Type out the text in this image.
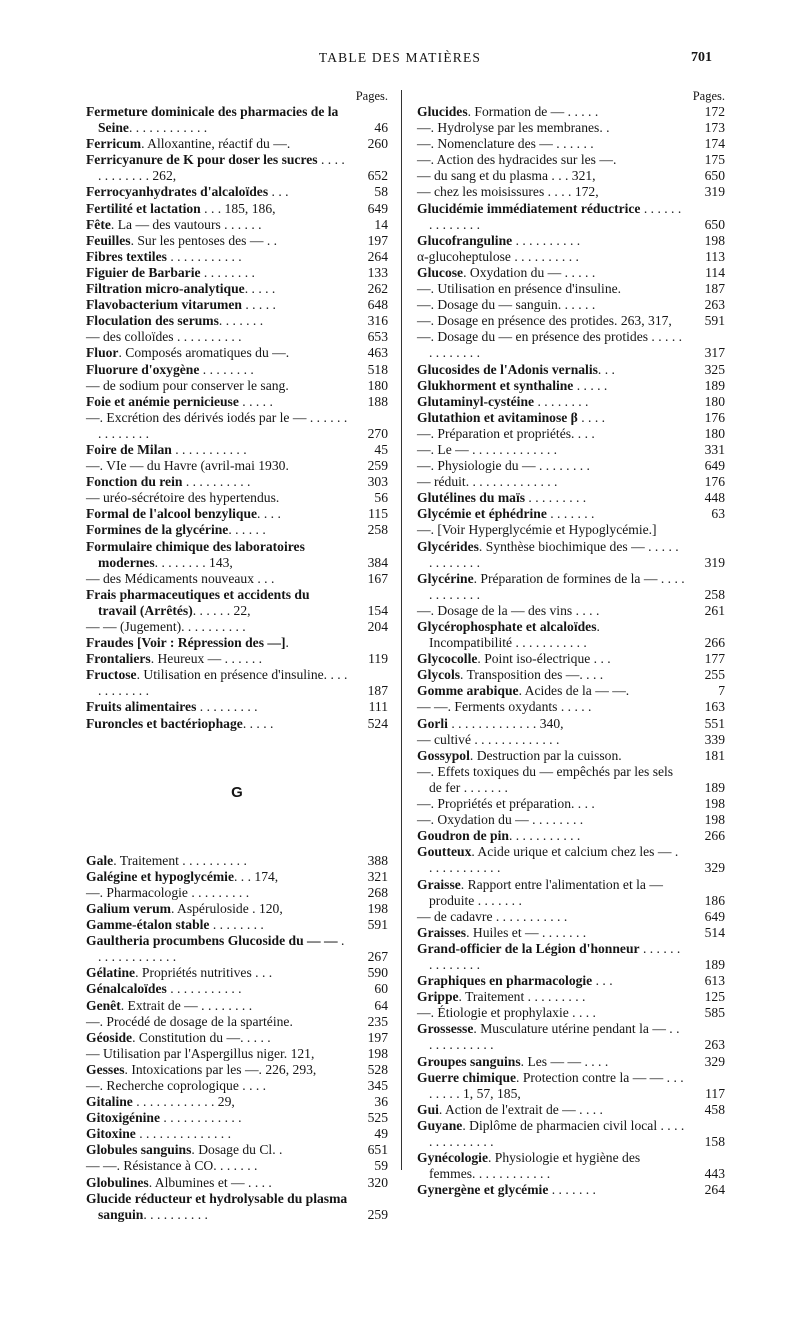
TABLE DES MATIÈRES	701
Pages.
Fermeture dominicale des pharmacies de la Seine. . . . . . . . . . . .	46
Ferricum. Alloxantine, réactif du —.	260
Ferricyanure de K pour doser les sucres . . . . . . . . . . . . 262,	652
Ferrocyanhydrates d'alcaloïdes . . .	58
Fertilité et lactation . . . 185, 186,	649
Fête. La — des vautours . . . . . .	14
Feuilles. Sur les pentoses des — . .	197
Fibres textiles . . . . . . . . . . .	264
Figuier de Barbarie . . . . . . . .	133
Filtration micro-analytique. . . . .	262
Flavobacterium vitarumen . . . . .	648
Floculation des serums. . . . . . .	316
— des colloïdes . . . . . . . . . .	653
Fluor. Composés aromatiques du —.	463
Fluorure d'oxygène . . . . . . . .	518
— de sodium pour conserver le sang.	180
Foie et anémie pernicieuse . . . . .	188
—. Excrétion des dérivés iodés par le — . . . . . . . . . . . . . .	270
Foire de Milan . . . . . . . . . . .	45
—. VIe — du Havre (avril-mai 1930.	259
Fonction du rein . . . . . . . . . .	303
— uréo-sécrétoire des hypertendus.	56
Formal de l'alcool benzylique. . . .	115
Formines de la glycérine. . . . . .	258
Formulaire chimique des laboratoires modernes. . . . . . . . 143,	384
— des Médicaments nouveaux . . .	167
Frais pharmaceutiques et accidents du travail (Arrêtés). . . . . . 22,	154
— — (Jugement). . . . . . . . . .	204
Fraudes [Voir : Répression des —].
Frontaliers. Heureux — . . . . . .	119
Fructose. Utilisation en présence d'insuline. . . . . . . . . . . .	187
Fruits alimentaires . . . . . . . . .	111
Furoncles et bactériophage. . . . .	524
G
Gale. Traitement . . . . . . . . . .	388
Galégine et hypoglycémie. . . 174,	321
—. Pharmacologie . . . . . . . . .	268
Galium verum. Aspéruloside . 120,	198
Gamme-étalon stable . . . . . . . .	591
Gaultheria procumbens Glucoside du — — . . . . . . . . . . . . .	267
Gélatine. Propriétés nutritives . . .	590
Génalcaloïdes . . . . . . . . . . .	60
Genêt. Extrait de — . . . . . . . .	64
—. Procédé de dosage de la spartéine.	235
Géoside. Constitution du —. . . . .	197
— Utilisation par l'Aspergillus niger. 121,	198
Gesses. Intoxications par les —. 226, 293,	528
—. Recherche coprologique . . . .	345
Gitaline . . . . . . . . . . . . 29,	36
Gitoxigénine . . . . . . . . . . . .	525
Gitoxine . . . . . . . . . . . . . .	49
Globules sanguins. Dosage du Cl. .	651
— —. Résistance à CO. . . . . . .	59
Globulines. Albumines et — . . . .	320
Glucide réducteur et hydrolysable du plasma sanguin. . . . . . . . . .	259
Pages.
Glucides. Formation de — . . . . .	172
—. Hydrolyse par les membranes. .	173
—. Nomenclature des — . . . . . .	174
—. Action des hydracides sur les —.	175
— du sang et du plasma . . . 321,	650
— chez les moisissures . . . . 172,	319
Glucidémie immédiatement réductrice . . . . . . . . . . . . . .	650
Glucofranguline . . . . . . . . . .	198
α-glucoheptulose . . . . . . . . . .	113
Glucose. Oxydation du — . . . . .	114
—. Utilisation en présence d'insuline.	187
—. Dosage du — sanguin. . . . . .	263
—. Dosage en présence des protides. 263, 317,	591
—. Dosage du — en présence des protides . . . . . . . . . . . . .	317
Glucosides de l'Adonis vernalis. . .	325
Glukhorment et synthaline . . . . .	189
Glutaminyl-cystéine . . . . . . . .	180
Glutathion et avitaminose β . . . .	176
—. Préparation et propriétés. . . .	180
—. Le — . . . . . . . . . . . . .	331
—. Physiologie du — . . . . . . . .	649
— réduit. . . . . . . . . . . . . .	176
Glutélines du maïs . . . . . . . . .	448
Glycémie et éphédrine . . . . . . .	63
—. [Voir Hyperglycémie et Hypoglycémie.]
Glycérides. Synthèse biochimique des — . . . . . . . . . . . . .	319
Glycérine. Préparation de formines de la — . . . . . . . . . . . .	258
—. Dosage de la — des vins . . . .	261
Glycérophosphate et alcaloïdes. Incompatibilité . . . . . . . . . . .	266
Glycocolle. Point iso-électrique . . .	177
Glycols. Transposition des —. . . .	255
Gomme arabique. Acides de la — —.	7
— —. Ferments oxydants . . . . .	163
Gorli . . . . . . . . . . . . . 340,	551
— cultivé . . . . . . . . . . . . .	339
Gossypol. Destruction par la cuisson.	181
—. Effets toxiques du — empêchés par les sels de fer . . . . . . .	189
—. Propriétés et préparation. . . .	198
—. Oxydation du — . . . . . . . .	198
Goudron de pin. . . . . . . . . . .	266
Goutteux. Acide urique et calcium chez les — . . . . . . . . . . . .	329
Graisse. Rapport entre l'alimentation et la — produite . . . . . . .	186
— de cadavre . . . . . . . . . . .	649
Graisses. Huiles et — . . . . . . .	514
Grand-officier de la Légion d'honneur . . . . . . . . . . . . . .	189
Graphiques en pharmacologie . . .	613
Grippe. Traitement . . . . . . . . .	125
—. Étiologie et prophylaxie . . . .	585
Grossesse. Musculature utérine pendant la — . . . . . . . . . . . .	263
Groupes sanguins. Les — — . . . .	329
Guerre chimique. Protection contre la — — . . . . . . . . 1, 57, 185,	117
Gui. Action de l'extrait de — . . . .	458
Guyane. Diplôme de pharmacien civil local . . . . . . . . . . . . . .	158
Gynécologie. Physiologie et hygiène des femmes. . . . . . . . . . . .	443
Gynergène et glycémie . . . . . . .	264
